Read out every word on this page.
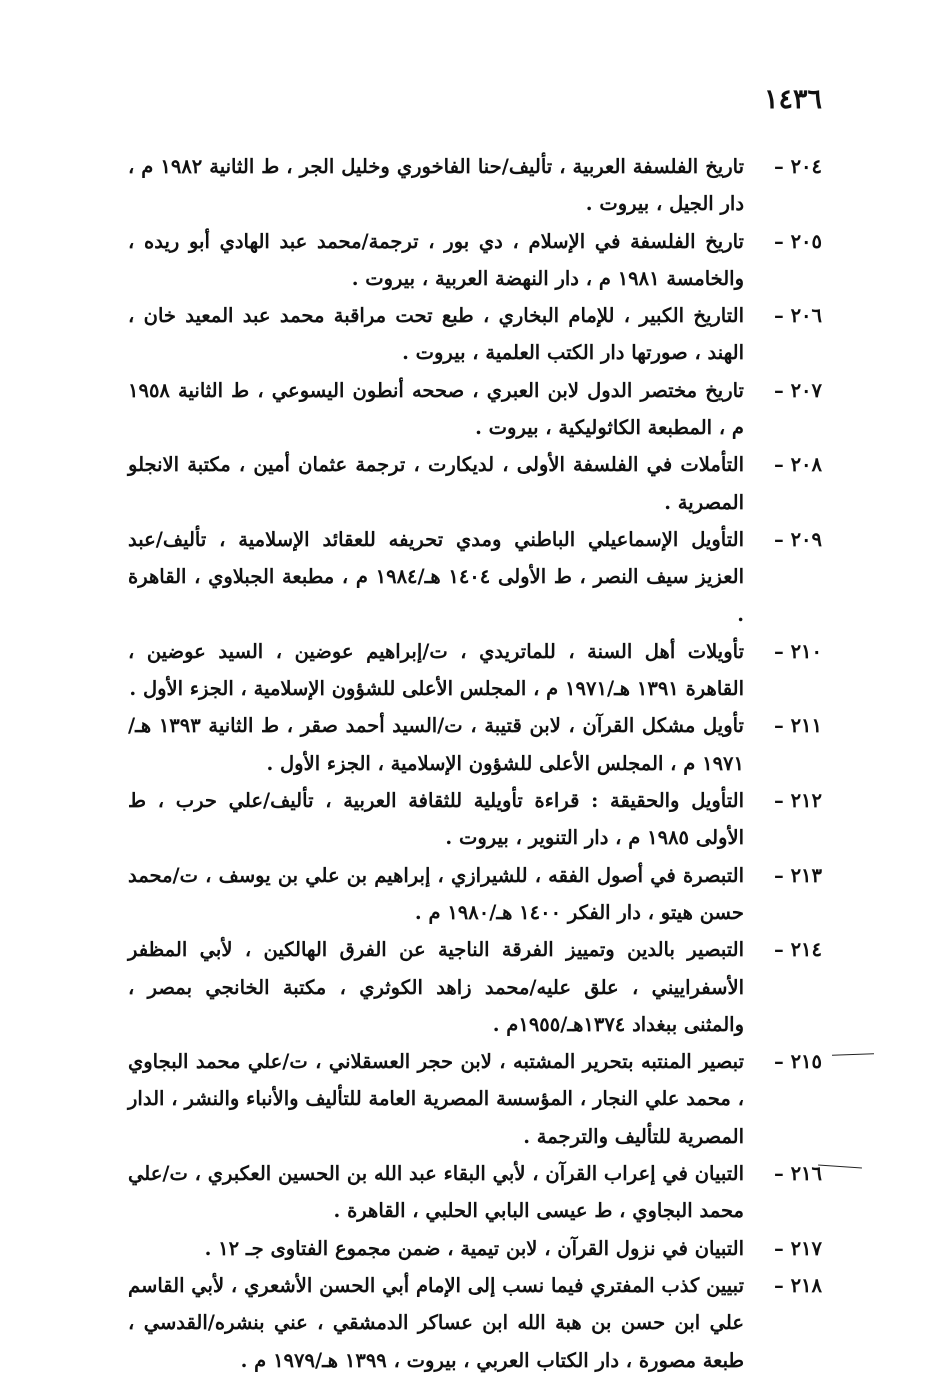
١٤٣٦
٢٠٤ –
تاريخ الفلسفة العربية ، تأليف/حنا الفاخوري وخليل الجر ، ط الثانية ١٩٨٢ م ، دار الجيل ، بيروت .
٢٠٥ –
تاريخ الفلسفة في الإسلام ، دي بور ، ترجمة/محمد عبد الهادي أبو ريده ، والخامسة ١٩٨١ م ، دار النهضة العربية ، بيروت .
٢٠٦ –
التاريخ الكبير ، للإمام البخاري ، طبع تحت مراقبة محمد عبد المعيد خان ، الهند ، صورتها دار الكتب العلمية ، بيروت .
٢٠٧ –
تاريخ مختصر الدول لابن العبري ، صححه أنطون اليسوعي ، ط الثانية ١٩٥٨ م ، المطبعة الكاثوليكية ، بيروت .
٢٠٨ –
التأملات في الفلسفة الأولى ، لديكارت ، ترجمة عثمان أمين ، مكتبة الانجلو المصرية .
٢٠٩ –
التأويل الإسماعيلي الباطني ومدي تحريفه للعقائد الإسلامية ، تأليف/عبد العزيز سيف النصر ، ط الأولى ١٤٠٤ هـ/١٩٨٤ م ، مطبعة الجبلاوي ، القاهرة .
٢١٠ –
تأويلات أهل السنة ، للماتريدي ، ت/إبراهيم عوضين ، السيد عوضين ، القاهرة ١٣٩١ هـ/١٩٧١ م ، المجلس الأعلى للشؤون الإسلامية ، الجزء الأول .
٢١١ –
تأويل مشكل القرآن ، لابن قتيبة ، ت/السيد أحمد صقر ، ط الثانية ١٣٩٣ هـ/١٩٧١ م ، المجلس الأعلى للشؤون الإسلامية ، الجزء الأول .
٢١٢ –
التأويل والحقيقة : قراءة تأويلية للثقافة العربية ، تأليف/علي حرب ، ط الأولى ١٩٨٥ م ، دار التنوير ، بيروت .
٢١٣ –
التبصرة في أصول الفقه ، للشيرازي ، إبراهيم بن علي بن يوسف ، ت/محمد حسن هيتو ، دار الفكر ١٤٠٠ هـ/١٩٨٠ م .
٢١٤ –
التبصير بالدين وتمييز الفرقة الناجية عن الفرق الهالكين ، لأبي المظفر الأسفراييني ، علق عليه/محمد زاهد الكوثري ، مكتبة الخانجي بمصر ، والمثنى ببغداد ١٣٧٤هـ/١٩٥٥م .
٢١٥ –
تبصير المنتبه بتحرير المشتبه ، لابن حجر العسقلاني ، ت/علي محمد البجاوي ، محمد علي النجار ، المؤسسة المصرية العامة للتأليف والأنباء والنشر ، الدار المصرية للتأليف والترجمة .
٢١٦ –
التبيان في إعراب القرآن ، لأبي البقاء عبد الله بن الحسين العكبري ، ت/علي محمد البجاوي ، ط عيسى البابي الحلبي ، القاهرة .
٢١٧ –
التبيان في نزول القرآن ، لابن تيمية ، ضمن مجموع الفتاوى جـ ١٢ .
٢١٨ –
تبيين كذب المفتري فيما نسب إلى الإمام أبي الحسن الأشعري ، لأبي القاسم علي ابن حسن بن هبة الله ابن عساكر الدمشقي ، عني بنشره/القدسي ، طبعة مصورة ، دار الكتاب العربي ، بيروت ، ١٣٩٩ هـ/١٩٧٩ م .
